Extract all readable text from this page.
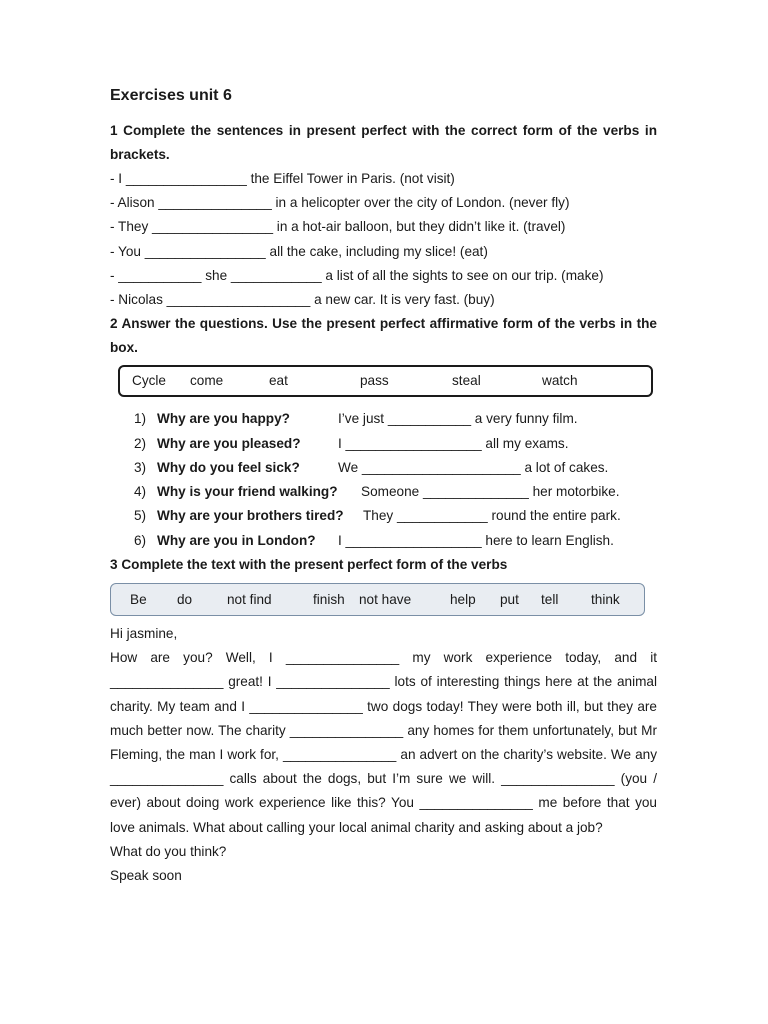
Exercises unit 6
1 Complete the sentences in present perfect with the correct form of the verbs in brackets.
- I ________________ the Eiffel Tower in Paris. (not visit)
- Alison _______________ in a helicopter over the city of London. (never fly)
- They ________________ in a hot-air balloon, but they didn’t like it. (travel)
- You ________________ all the cake, including my slice! (eat)
- ___________ she ____________ a list of all the sights to see on our trip. (make)
- Nicolas ___________________ a new car. It is very fast. (buy)
2 Answer the questions. Use the present perfect affirmative form of the verbs in the box.
Cycle come	eat	pass	steal	watch
1) Why are you happy?	I’ve just ___________ a very funny film.
2) Why are you pleased?	I __________________ all my exams.
3) Why do you feel sick?	We _____________________ a lot of cakes.
4) Why is your friend walking? Someone ______________ her motorbike.
5) Why are your brothers tired? They ____________ round the entire park.
6) Why are you in London? I __________________ here to learn English.
3 Complete the text with the present perfect form of the verbs
Be do	not find	finish not have	help put tell think
Hi jasmine,
How are you? Well, I _______________ my work experience today, and it _______________ great! I _______________ lots of interesting things here at the animal charity. My team and I _______________ two dogs today! They were both ill, but they are much better now. The charity _______________ any homes for them unfortunately, but Mr Fleming, the man I work for, _______________ an advert on the charity’s website. We any _______________ calls about the dogs, but I’m sure we will. _______________ (you / ever) about doing work experience like this? You _______________ me before that you love animals. What about calling your local animal charity and asking about a job?
What do you think?
Speak soon
